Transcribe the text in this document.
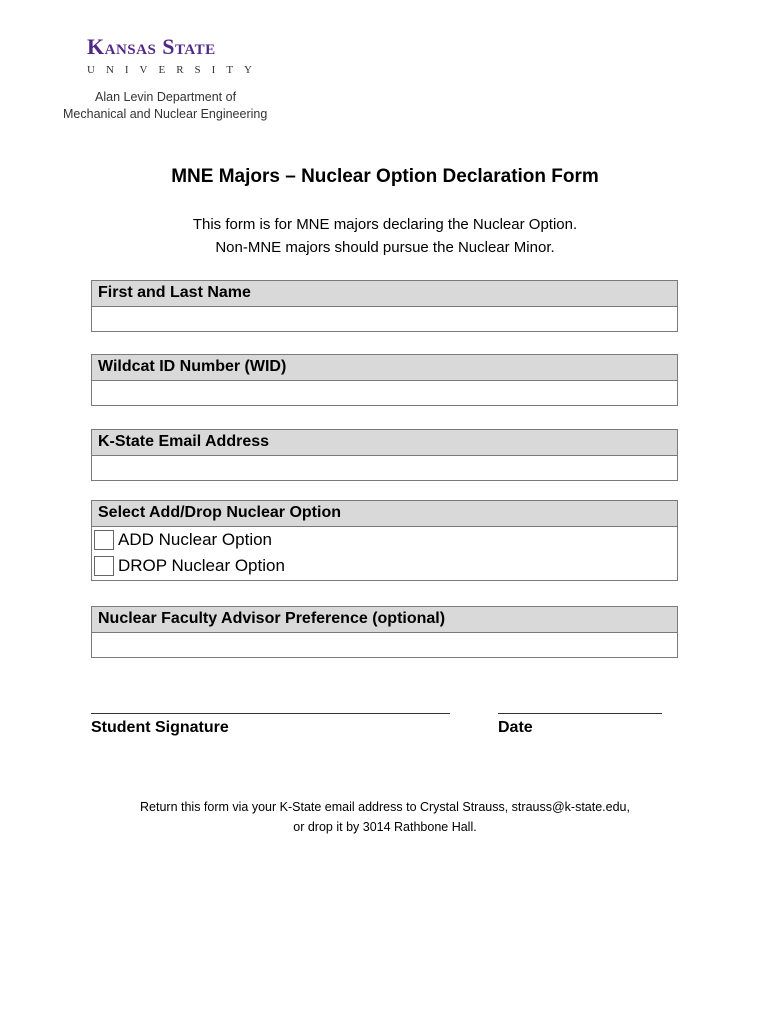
Kansas State
UNIVERSITY
Alan Levin Department of
Mechanical and Nuclear Engineering
MNE Majors – Nuclear Option Declaration Form
This form is for MNE majors declaring the Nuclear Option.
Non-MNE majors should pursue the Nuclear Minor.
First and Last Name
Wildcat ID Number (WID)
K-State Email Address
Select Add/Drop Nuclear Option
ADD Nuclear Option
DROP Nuclear Option
Nuclear Faculty Advisor Preference (optional)
Student Signature	Date
Return this form via your K-State email address to Crystal Strauss, strauss@k-state.edu,
or drop it by 3014 Rathbone Hall.
